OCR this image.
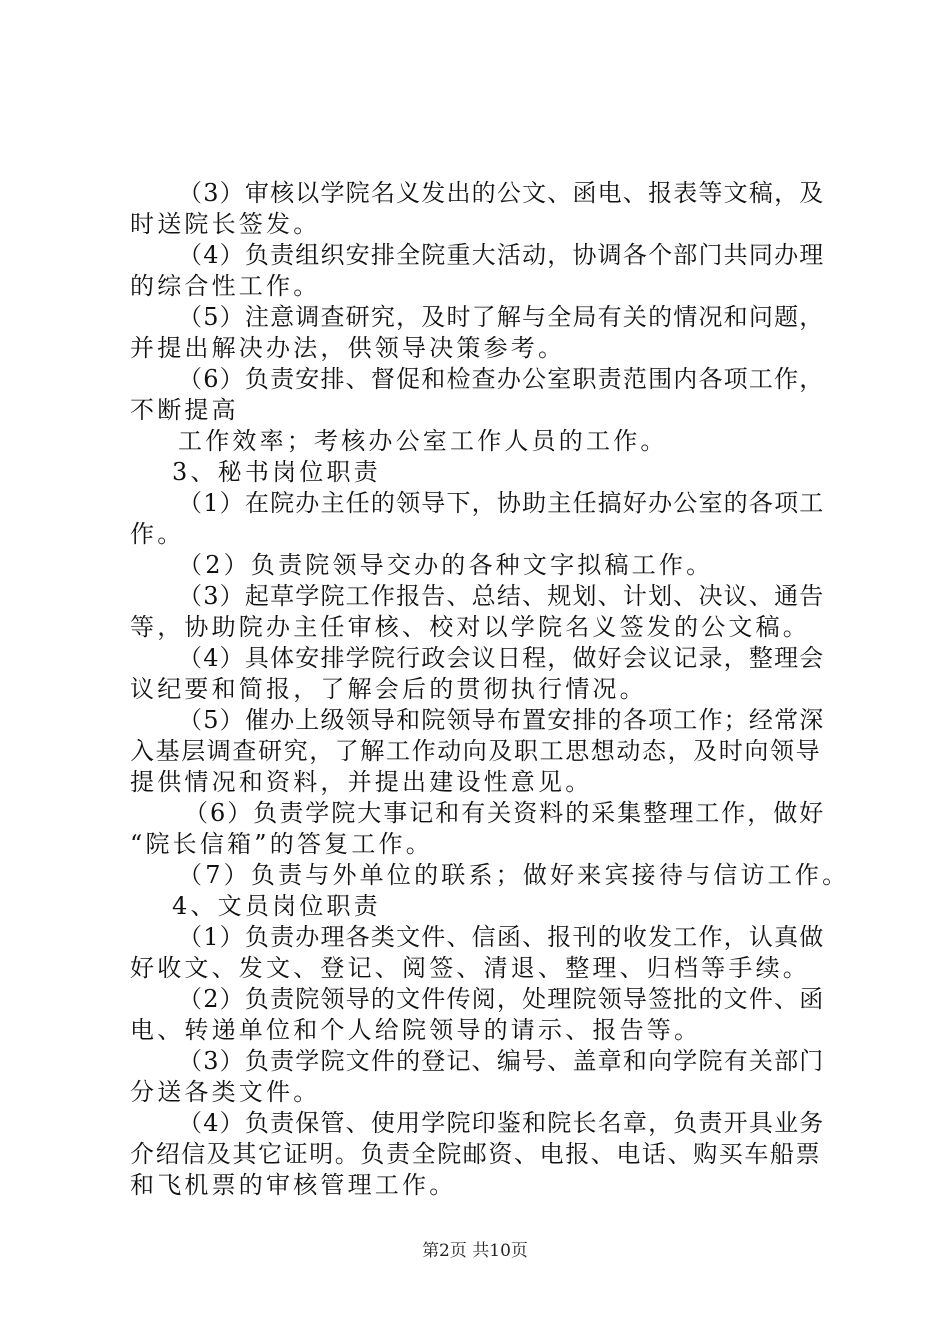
（3）审核以学院名义发出的公文、函电、报表等文稿，及
时送院长签发。
（4）负责组织安排全院重大活动，协调各个部门共同办理
的综合性工作。
（5）注意调查研究，及时了解与全局有关的情况和问题，
并提出解决办法，供领导决策参考。
（6）负责安排、督促和检查办公室职责范围内各项工作，
不断提高
工作效率；考核办公室工作人员的工作。
3、秘书岗位职责
（1）在院办主任的领导下，协助主任搞好办公室的各项工
作。
（2）负责院领导交办的各种文字拟稿工作。
（3）起草学院工作报告、总结、规划、计划、决议、通告
等，协助院办主任审核、校对以学院名义签发的公文稿。
（4）具体安排学院行政会议日程，做好会议记录，整理会
议纪要和简报，了解会后的贯彻执行情况。
（5）催办上级领导和院领导布置安排的各项工作；经常深
入基层调查研究，了解工作动向及职工思想动态，及时向领导
提供情况和资料，并提出建设性意见。
（6）负责学院大事记和有关资料的采集整理工作，做好
“院长信箱”的答复工作。
（7）负责与外单位的联系；做好来宾接待与信访工作。
4、文员岗位职责
（1）负责办理各类文件、信函、报刊的收发工作，认真做
好收文、发文、登记、阅签、清退、整理、归档等手续。
（2）负责院领导的文件传阅，处理院领导签批的文件、函
电、转递单位和个人给院领导的请示、报告等。
（3）负责学院文件的登记、编号、盖章和向学院有关部门
分送各类文件。
（4）负责保管、使用学院印鉴和院长名章，负责开具业务
介绍信及其它证明。负责全院邮资、电报、电话、购买车船票
和飞机票的审核管理工作。
第2页 共10页
